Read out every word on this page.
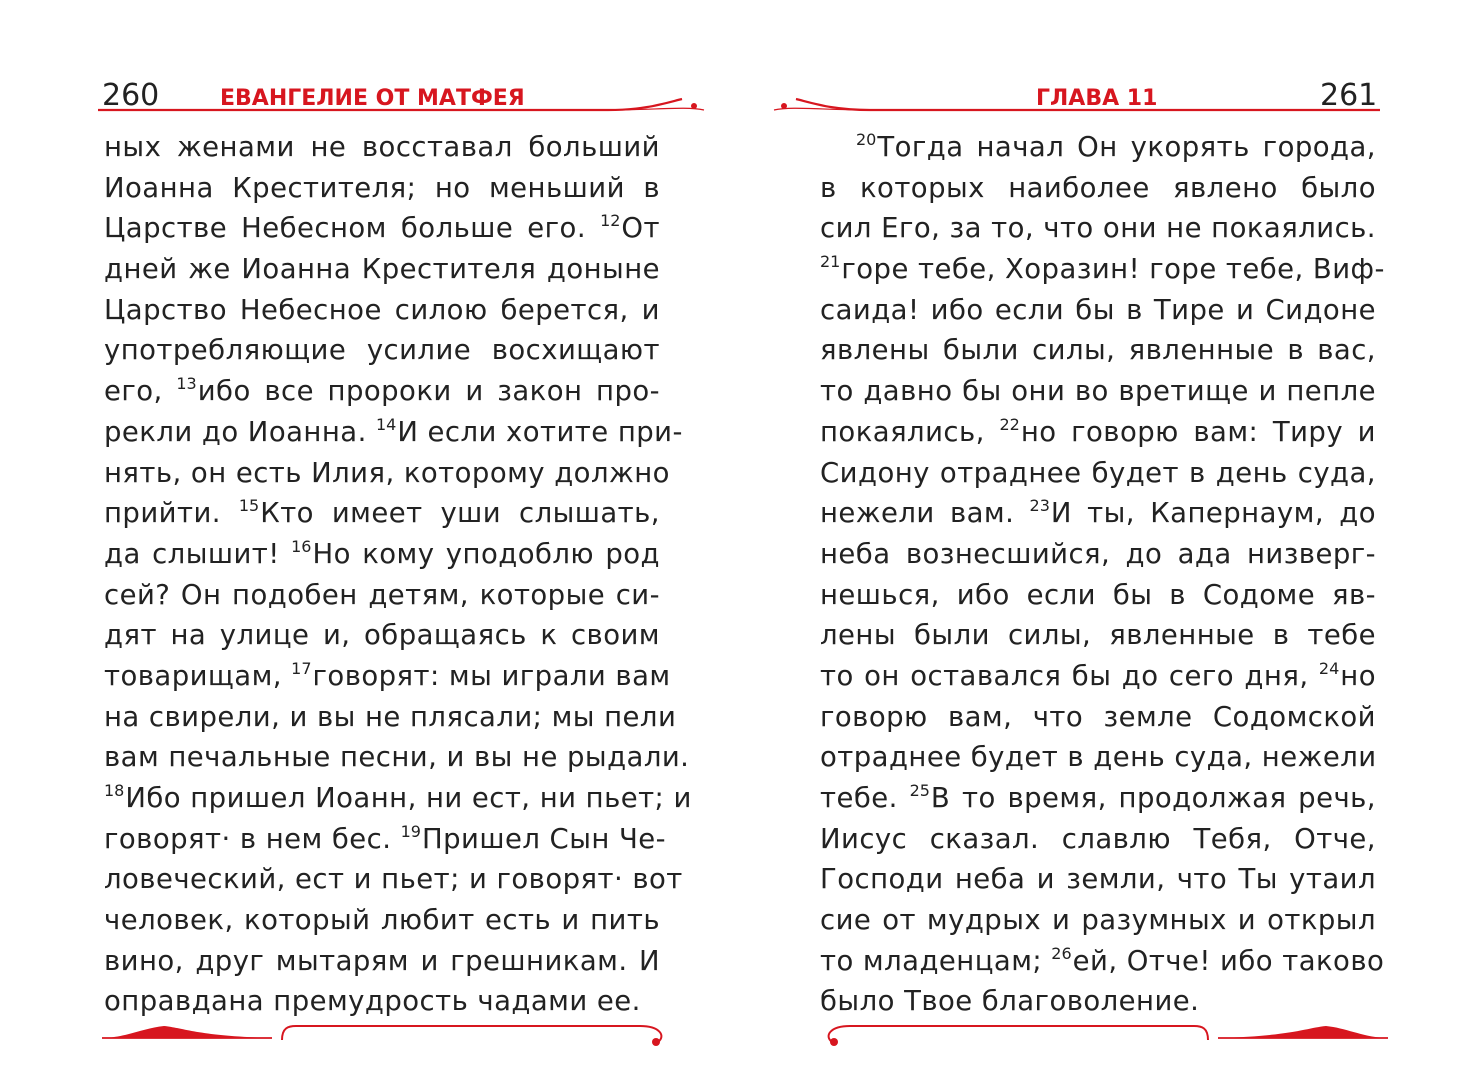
260	ЕВАНГЕЛИЕ ОТ МАТФЕЯ
ных женами не восставал больший
Иоанна Крестителя; но меньший в
Царстве Небесном больше его. $^{12}$От
дней же Иоанна Крестителя доныне
Царство Небесное силою берется, и
употребляющие усилие восхищают
его, $^{13}$ибо все пророки и закон про-
рекли до Иоанна. $^{14}$И если хотите при-
нять, он есть Илия, которому должно
прийти. $^{15}$Кто имеет уши слышать,
да слышит! $^{16}$Но кому уподоблю род
сей? Он подобен детям, которые си-
дят на улице и, обращаясь к своим
товарищам, $^{17}$говорят: мы играли вам
на свирели, и вы не плясали; мы пели
вам печальные песни, и вы не рыдали.
$^{18}$Ибо пришел Иоанн, ни ест, ни пьет; и
говорят· в нем бес. $^{19}$Пришел Сын Че-
ловеческий, ест и пьет; и говорят· вот
человек, который любит есть и пить
вино, друг мытарям и грешникам. И
оправдана премудрость чадами ее.
261
ГЛАВА 11
$^{20}$Тогда начал Он укорять города,
в которых наиболее явлено было
сил Его, за то, что они не покаялись.
$^{21}$горе тебе, Хоразин! горе тебе, Виф-
саида! ибо если бы в Тире и Сидоне
явлены были силы, явленные в вас,
то давно бы они во вретище и пепле
покаялись, $^{22}$но говорю вам: Тиру и
Сидону отраднее будет в день суда,
нежели вам. $^{23}$И ты, Капернаум, до
неба вознесшийся, до ада низверг-
нешься, ибо если бы в Содоме яв-
лены были силы, явленные в тебе
то он оставался бы до сего дня, $^{24}$но
говорю вам, что земле Содомской
отраднее будет в день суда, нежели
тебе. $^{25}$В то время, продолжая речь,
Иисус сказал. славлю Тебя, Отче,
Господи неба и земли, что Ты утаил
сие от мудрых и разумных и открыл
то младенцам; $^{26}$ей, Отче! ибо таково
было Твое благоволение.
